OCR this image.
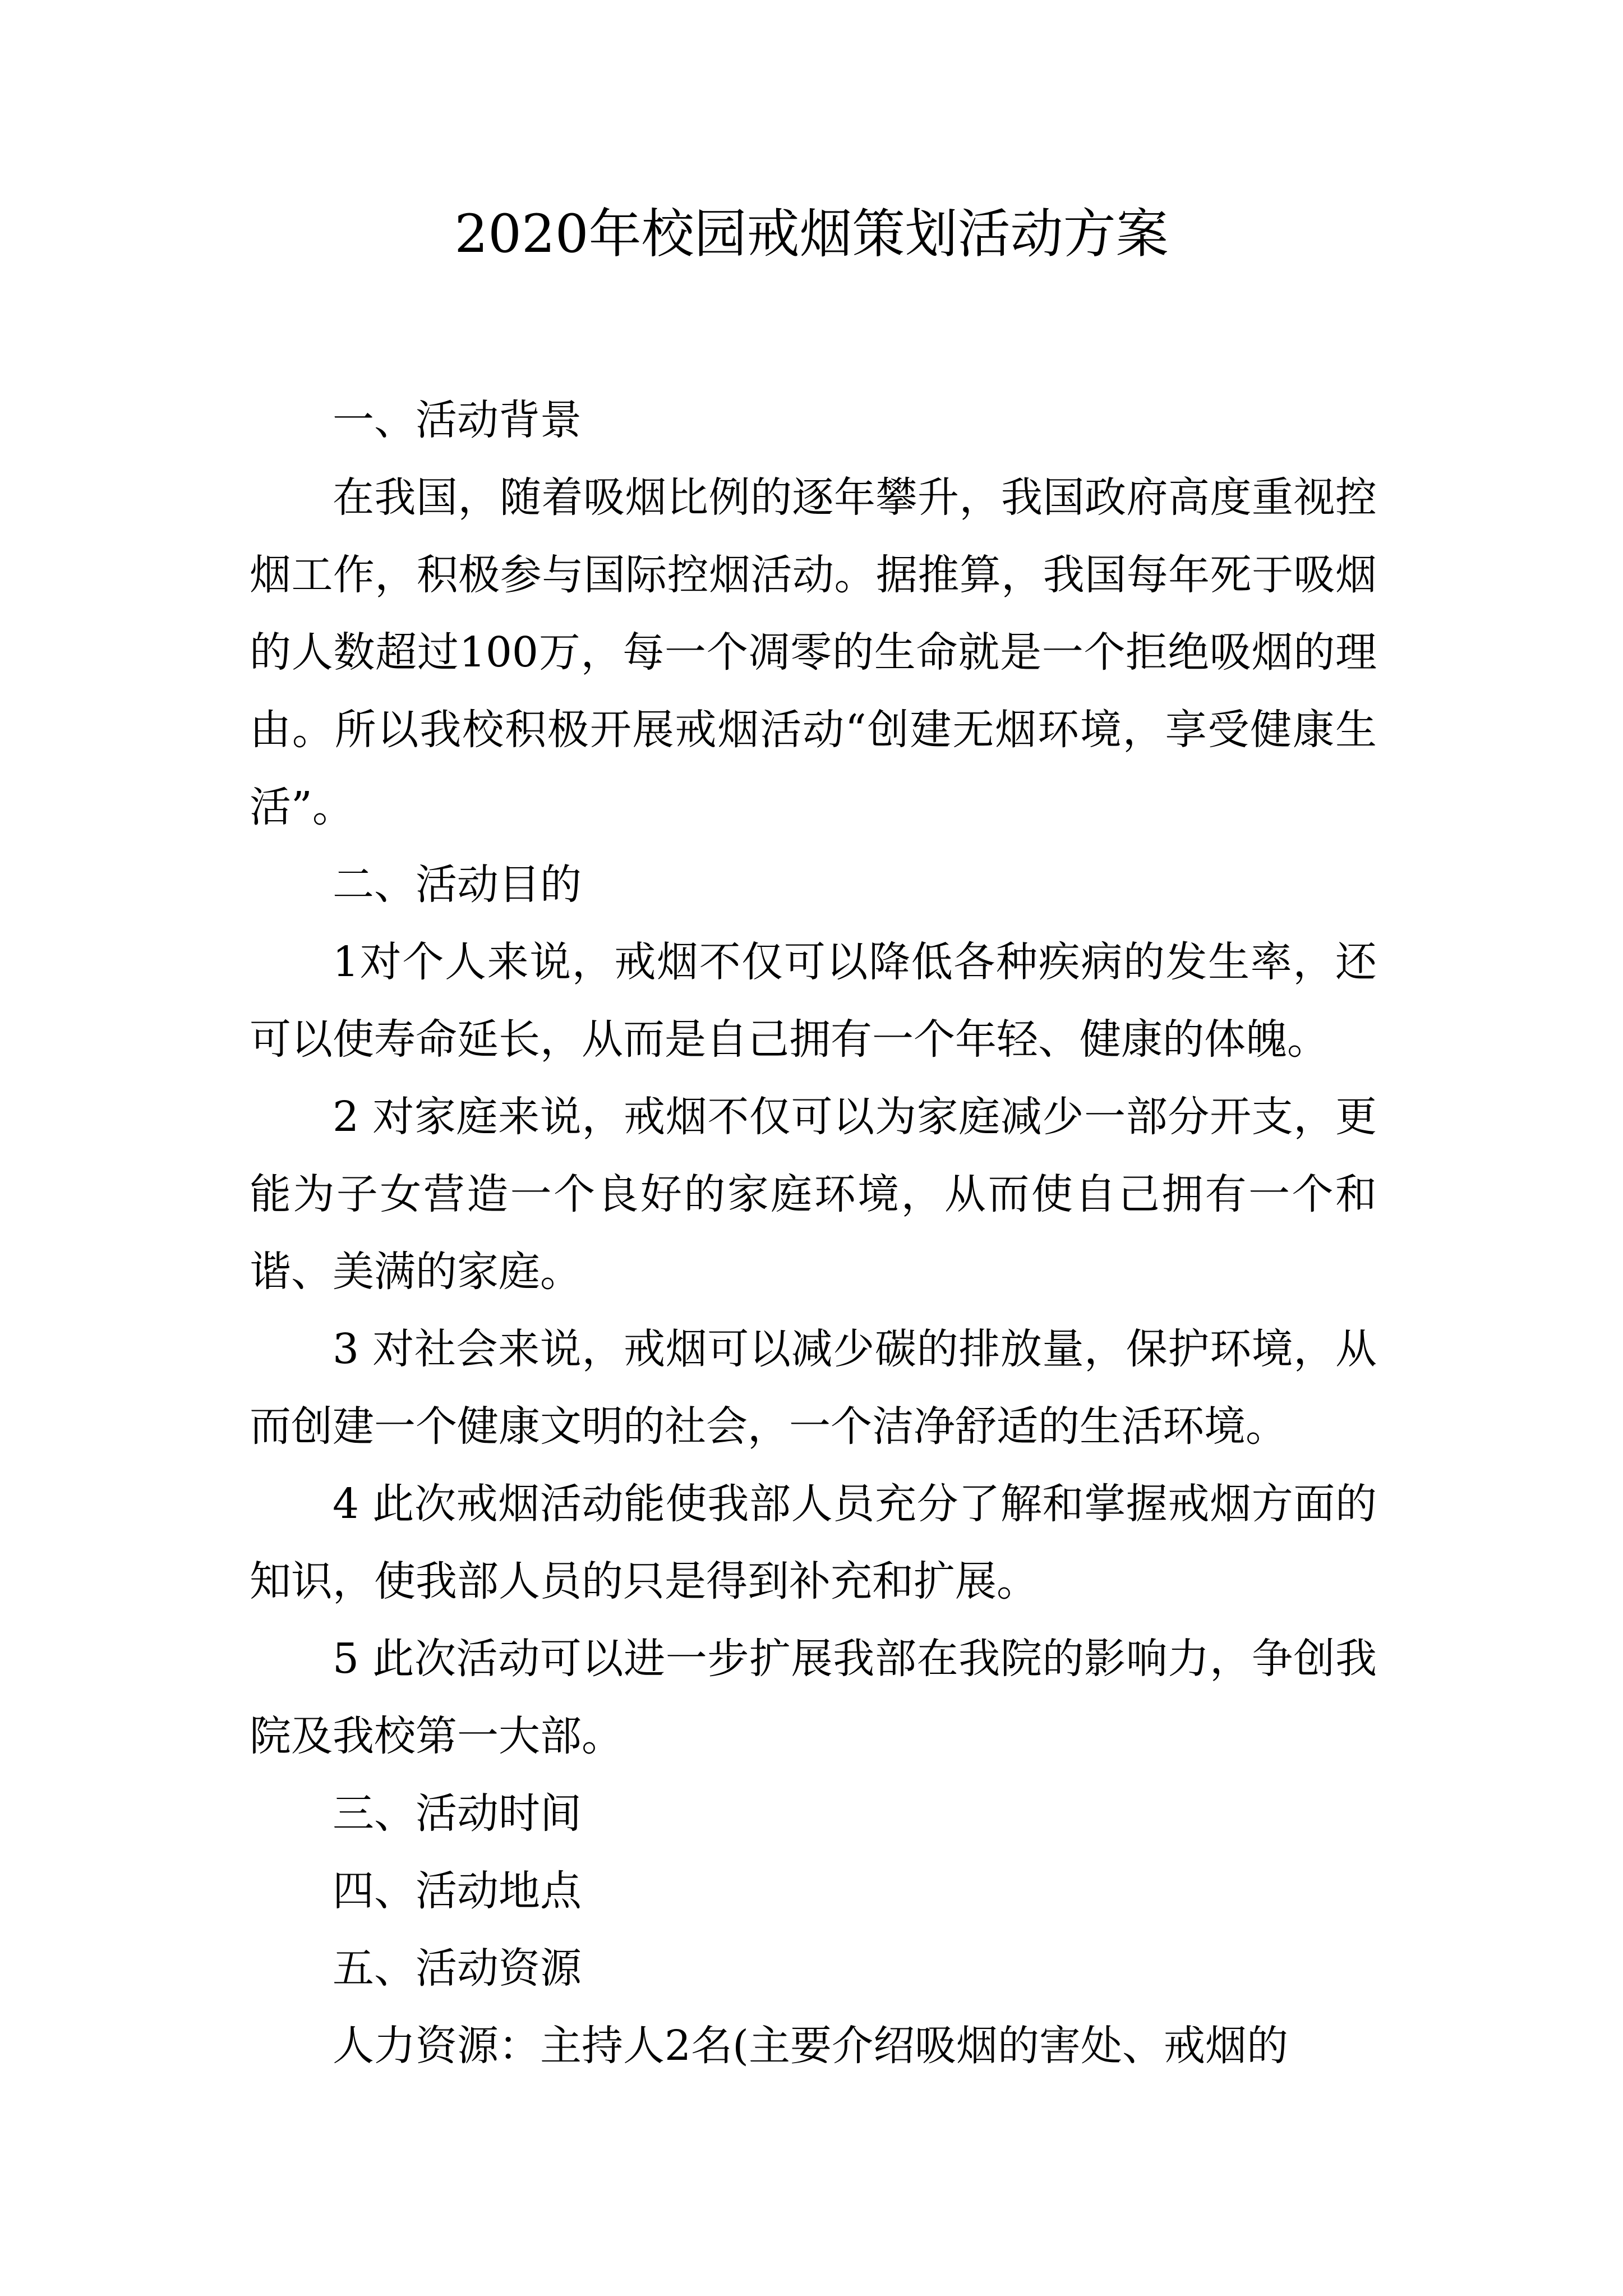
2020年校园戒烟策划活动方案

一、活动背景

在我国，随着吸烟比例的逐年攀升，我国政府高度重视控烟工作，积极参与国际控烟活动。据推算，我国每年死于吸烟的人数超过100万，每一个凋零的生命就是一个拒绝吸烟的理由。所以我校积极开展戒烟活动“创建无烟环境，享受健康生活”。

二、活动目的

1对个人来说，戒烟不仅可以降低各种疾病的发生率，还可以使寿命延长，从而是自己拥有一个年轻、健康的体魄。

2 对家庭来说，戒烟不仅可以为家庭减少一部分开支，更能为子女营造一个良好的家庭环境，从而使自己拥有一个和谐、美满的家庭。

3 对社会来说，戒烟可以减少碳的排放量，保护环境，从而创建一个健康文明的社会，一个洁净舒适的生活环境。

4 此次戒烟活动能使我部人员充分了解和掌握戒烟方面的知识，使我部人员的只是得到补充和扩展。

5 此次活动可以进一步扩展我部在我院的影响力，争创我院及我校第一大部。

三、活动时间

四、活动地点

五、活动资源

人力资源：主持人2名(主要介绍吸烟的害处、戒烟的
